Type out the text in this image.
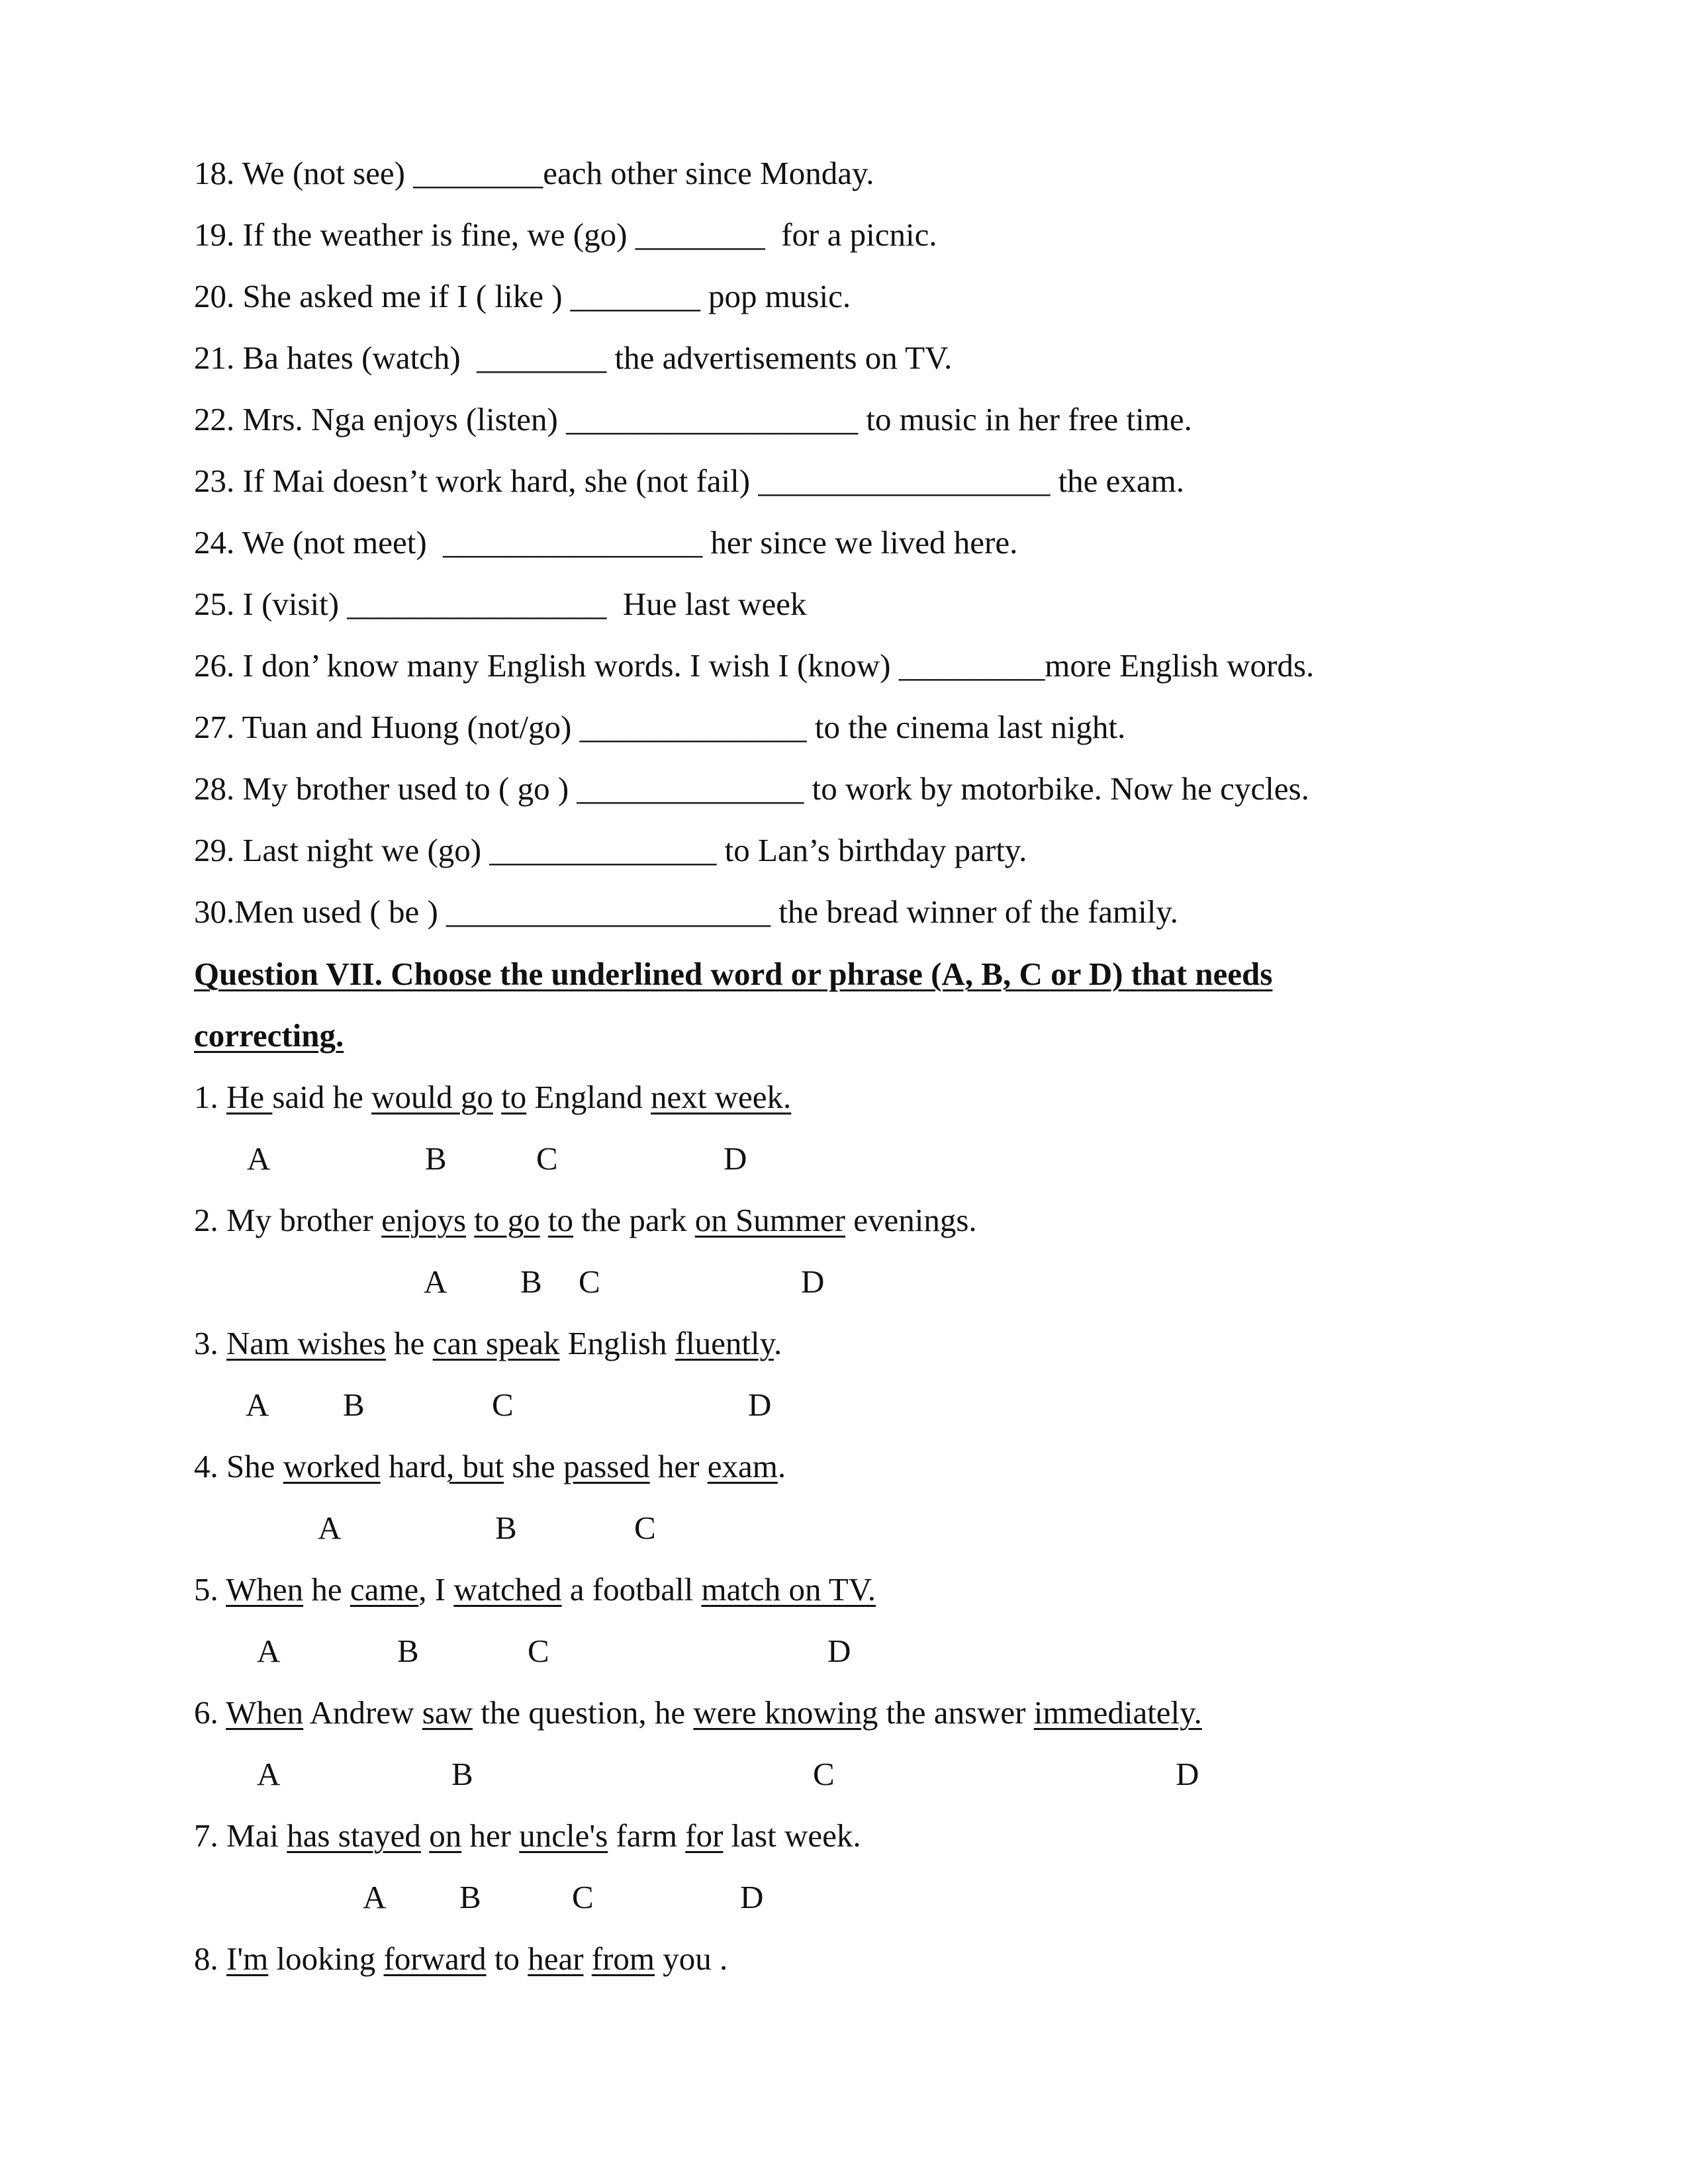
18. We (not see) ________each other since Monday.
19. If the weather is fine, we (go) ________  for a picnic.
20. She asked me if I ( like ) ________ pop music.
21. Ba hates (watch)  ________ the advertisements on TV.
22. Mrs. Nga enjoys (listen) __________________ to music in her free time.
23. If Mai doesn’t work hard, she (not fail) __________________ the exam.
24. We (not meet)  ________________ her since we lived here.
25. I (visit) ________________  Hue last week
26. I don’ know many English words. I wish I (know) _________more English words.
27. Tuan and Huong (not/go) ______________ to the cinema last night.
28. My brother used to ( go ) ______________ to work by motorbike. Now he cycles.
29. Last night we (go) ______________ to Lan’s birthday party.
30.Men used ( be ) ____________________ the bread winner of the family.
Question VII. Choose the underlined word or phrase (A, B, C or D) that needs
correcting.
1. He said he would go to England next week.
A	B	C	D
2. My brother enjoys to go to the park on Summer evenings.
A B C	D
3. Nam wishes he can speak English fluently.
A B	C	D
4. She worked hard, but she passed her exam.
A	B	C
5. When he came, I watched a football match on TV.
A	B	C	D
6. When Andrew saw the question, he were knowing the answer immediately.
A	B	C	D
7. Mai has stayed on her uncle's farm for last week.
A B	C	D
8. I'm looking forward to hear from you .
